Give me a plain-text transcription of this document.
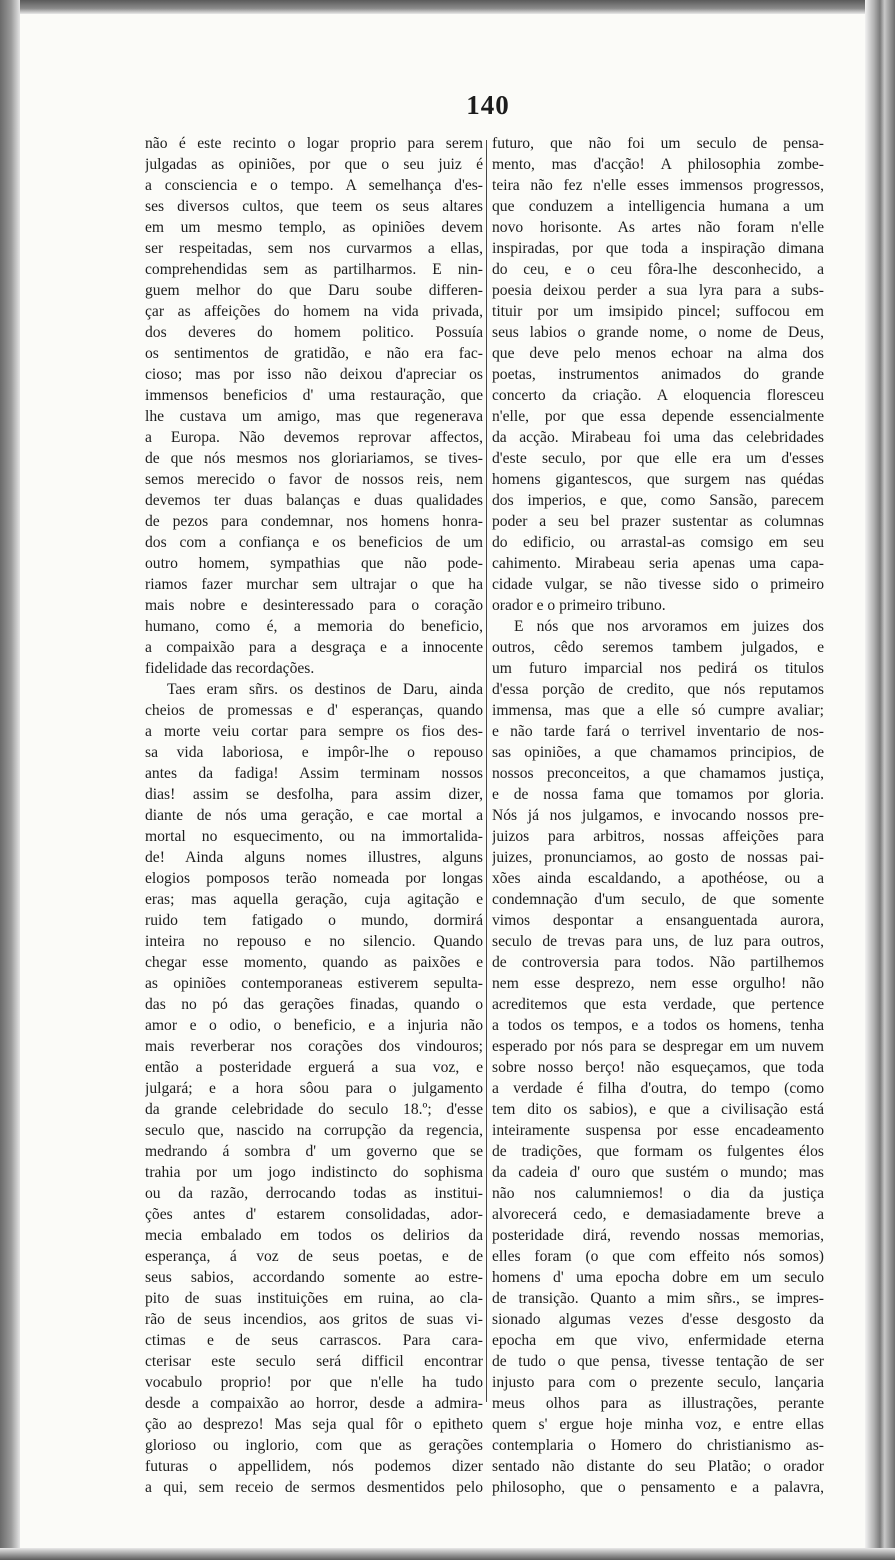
140
não é este recinto o logar proprio para serem
julgadas as opiniões, por que o seu juiz é
a consciencia e o tempo. A semelhança d'es-
ses diversos cultos, que teem os seus altares
em um mesmo templo, as opiniões devem
ser respeitadas, sem nos curvarmos a ellas,
comprehendidas sem as partilharmos. E nin-
guem melhor do que Daru soube differen-
çar as affeições do homem na vida privada,
dos deveres do homem politico. Possuía
os sentimentos de gratidão, e não era fac-
cioso; mas por isso não deixou d'apreciar os
immensos beneficios d' uma restauração, que
lhe custava um amigo, mas que regenerava
a Europa. Não devemos reprovar affectos,
de que nós mesmos nos gloriariamos, se tives-
semos merecido o favor de nossos reis, nem
devemos ter duas balanças e duas qualidades
de pezos para condemnar, nos homens honra-
dos com a confiança e os beneficios de um
outro homem, sympathias que não pode-
riamos fazer murchar sem ultrajar o que ha
mais nobre e desinteressado para o coração
humano, como é, a memoria do beneficio,
a compaixão para a desgraça e a innocente
fidelidade das recordações.
Taes eram sñrs. os destinos de Daru, ainda
cheios de promessas e d' esperanças, quando
a morte veiu cortar para sempre os fios des-
sa vida laboriosa, e impôr-lhe o repouso
antes da fadiga! Assim terminam nossos
dias! assim se desfolha, para assim dizer,
diante de nós uma geração, e cae mortal a
mortal no esquecimento, ou na immortalida-
de! Ainda alguns nomes illustres, alguns
elogios pomposos terão nomeada por longas
eras; mas aquella geração, cuja agitação e
ruido tem fatigado o mundo, dormirá
inteira no repouso e no silencio. Quando
chegar esse momento, quando as paixões e
as opiniões contemporaneas estiverem sepulta-
das no pó das gerações finadas, quando o
amor e o odio, o beneficio, e a injuria não
mais reverberar nos corações dos vindouros;
então a posteridade erguerá a sua voz, e
julgará; e a hora sôou para o julgamento
da grande celebridade do seculo 18.º; d'esse
seculo que, nascido na corrupção da regencia,
medrando á sombra d' um governo que se
trahia por um jogo indistincto do sophisma
ou da razão, derrocando todas as institui-
ções antes d' estarem consolidadas, ador-
mecia embalado em todos os delirios da
esperança, á voz de seus poetas, e de
seus sabios, accordando somente ao estre-
pito de suas instituições em ruina, ao cla-
rão de seus incendios, aos gritos de suas vi-
ctimas e de seus carrascos. Para cara-
cterisar este seculo será difficil encontrar
vocabulo proprio! por que n'elle ha tudo
desde a compaixão ao horror, desde a admira-
ção ao desprezo! Mas seja qual fôr o epitheto
glorioso ou inglorio, com que as gerações
futuras o appellidem, nós podemos dizer
a qui, sem receio de sermos desmentidos pelo
futuro, que não foi um seculo de pensa-
mento, mas d'acção! A philosophia zombe-
teira não fez n'elle esses immensos progressos,
que conduzem a intelligencia humana a um
novo horisonte. As artes não foram n'elle
inspiradas, por que toda a inspiração dimana
do ceu, e o ceu fôra-lhe desconhecido, a
poesia deixou perder a sua lyra para a subs-
tituir por um imsipido pincel; suffocou em
seus labios o grande nome, o nome de Deus,
que deve pelo menos echoar na alma dos
poetas, instrumentos animados do grande
concerto da criação. A eloquencia floresceu
n'elle, por que essa depende essencialmente
da acção. Mirabeau foi uma das celebridades
d'este seculo, por que elle era um d'esses
homens gigantescos, que surgem nas quédas
dos imperios, e que, como Sansão, parecem
poder a seu bel prazer sustentar as columnas
do edificio, ou arrastal-as comsigo em seu
cahimento. Mirabeau seria apenas uma capa-
cidade vulgar, se não tivesse sido o primeiro
orador e o primeiro tribuno.
E nós que nos arvoramos em juizes dos
outros, cêdo seremos tambem julgados, e
um futuro imparcial nos pedirá os titulos
d'essa porção de credito, que nós reputamos
immensa, mas que a elle só cumpre avaliar;
e não tarde fará o terrivel inventario de nos-
sas opiniões, a que chamamos principios, de
nossos preconceitos, a que chamamos justiça,
e de nossa fama que tomamos por gloria.
Nós já nos julgamos, e invocando nossos pre-
juizos para arbitros, nossas affeições para
juizes, pronunciamos, ao gosto de nossas pai-
xões ainda escaldando, a apothéose, ou a
condemnação d'um seculo, de que somente
vimos despontar a ensanguentada aurora,
seculo de trevas para uns, de luz para outros,
de controversia para todos. Não partilhemos
nem esse desprezo, nem esse orgulho! não
acreditemos que esta verdade, que pertence
a todos os tempos, e a todos os homens, tenha
esperado por nós para se despregar em um nuvem
sobre nosso berço! não esqueçamos, que toda
a verdade é filha d'outra, do tempo (como
tem dito os sabios), e que a civilisação está
inteiramente suspensa por esse encadeamento
de tradições, que formam os fulgentes élos
da cadeia d' ouro que sustém o mundo; mas
não nos calumniemos! o dia da justiça
alvorecerá cedo, e demasiadamente breve a
posteridade dirá, revendo nossas memorias,
elles foram (o que com effeito nós somos)
homens d' uma epocha dobre em um seculo
de transição. Quanto a mim sñrs., se impres-
sionado algumas vezes d'esse desgosto da
epocha em que vivo, enfermidade eterna
de tudo o que pensa, tivesse tentação de ser
injusto para com o prezente seculo, lançaria
meus olhos para as illustrações, perante
quem s' ergue hoje minha voz, e entre ellas
contemplaria o Homero do christianismo as-
sentado não distante do seu Platão; o orador
philosopho, que o pensamento e a palavra,
